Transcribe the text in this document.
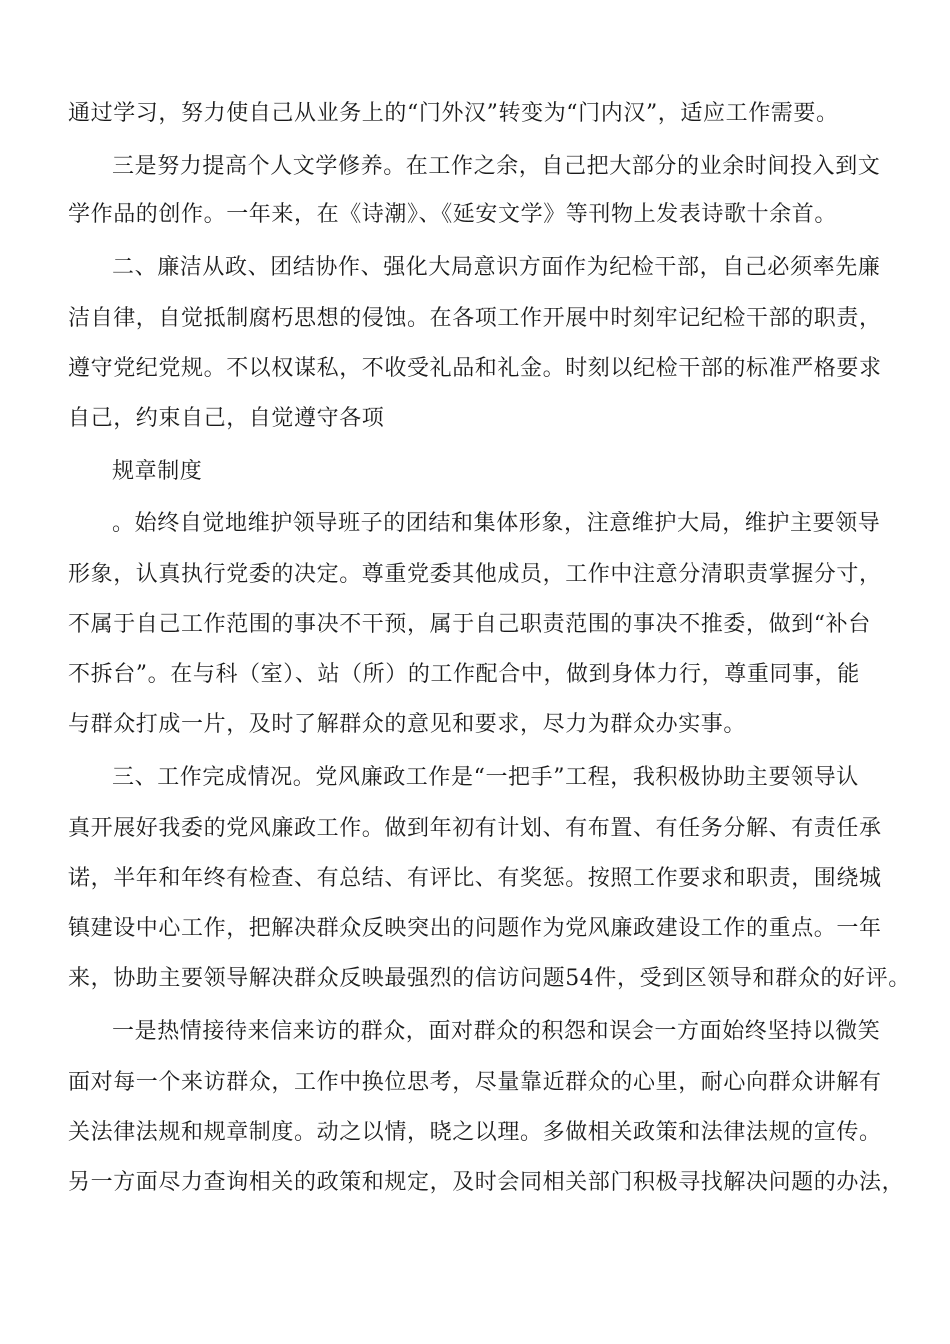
通过学习，努力使自己从业务上的“门外汉”转变为“门内汉”，适应工作需要。

三是努力提高个人文学修养。在工作之余，自己把大部分的业余时间投入到文

学作品的创作。一年来，在《诗潮》、《延安文学》等刊物上发表诗歌十余首。

二、廉洁从政、团结协作、强化大局意识方面作为纪检干部，自己必须率先廉

洁自律，自觉抵制腐朽思想的侵蚀。在各项工作开展中时刻牢记纪检干部的职责，

遵守党纪党规。不以权谋私，不收受礼品和礼金。时刻以纪检干部的标准严格要求

自己，约束自己，自觉遵守各项

规章制度

。始终自觉地维护领导班子的团结和集体形象，注意维护大局，维护主要领导

形象，认真执行党委的决定。尊重党委其他成员，工作中注意分清职责掌握分寸，

不属于自己工作范围的事决不干预，属于自己职责范围的事决不推委，做到“补台

不拆台”。在与科（室）、站（所）的工作配合中，做到身体力行，尊重同事，能

与群众打成一片，及时了解群众的意见和要求，尽力为群众办实事。

三、工作完成情况。党风廉政工作是“一把手”工程，我积极协助主要领导认

真开展好我委的党风廉政工作。做到年初有计划、有布置、有任务分解、有责任承

诺，半年和年终有检查、有总结、有评比、有奖惩。按照工作要求和职责，围绕城

镇建设中心工作，把解决群众反映突出的问题作为党风廉政建设工作的重点。一年

来，协助主要领导解决群众反映最强烈的信访问题54件，受到区领导和群众的好评。

一是热情接待来信来访的群众，面对群众的积怨和误会一方面始终坚持以微笑

面对每一个来访群众，工作中换位思考，尽量靠近群众的心里，耐心向群众讲解有

关法律法规和规章制度。动之以情，晓之以理。多做相关政策和法律法规的宣传。

另一方面尽力查询相关的政策和规定，及时会同相关部门积极寻找解决问题的办法，
